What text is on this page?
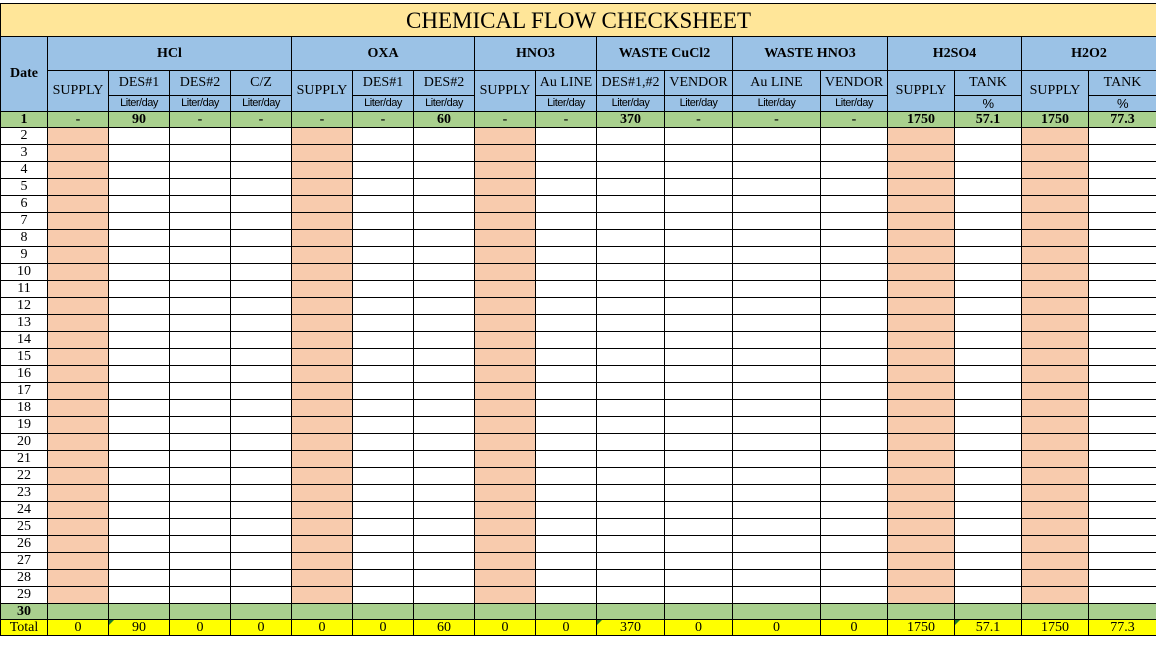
CHEMICAL FLOW CHECKSHEET																	
Date	HCl				OXA			HNO3		WASTE CuCl2		WASTE HNO3		H2SO4		H2O2	
	SUPPLY	DES#1	DES#2	C/Z	SUPPLY	DES#1	DES#2	SUPPLY	Au LINE	DES#1,#2	VENDOR	Au LINE	VENDOR	SUPPLY	TANK	SUPPLY	TANK
		Liter/day	Liter/day	Liter/day		Liter/day	Liter/day		Liter/day	Liter/day	Liter/day	Liter/day	Liter/day		%		%
1	-	90	-	-	-	-	60	-	-	370	-	-	-	1750	57.1	1750	77.3
2																	
3																	
4																	
5																	
6																	
7																	
8																	
9																	
10																	
11																	
12																	
13																	
14																	
15																	
16																	
17																	
18																	
19																	
20																	
21																	
22																	
23																	
24																	
25																	
26																	
27																	
28																	
29																	
30																	
Total	0	90	0	0	0	0	60	0	0	370	0	0	0	1750	57.1	1750	77.3
